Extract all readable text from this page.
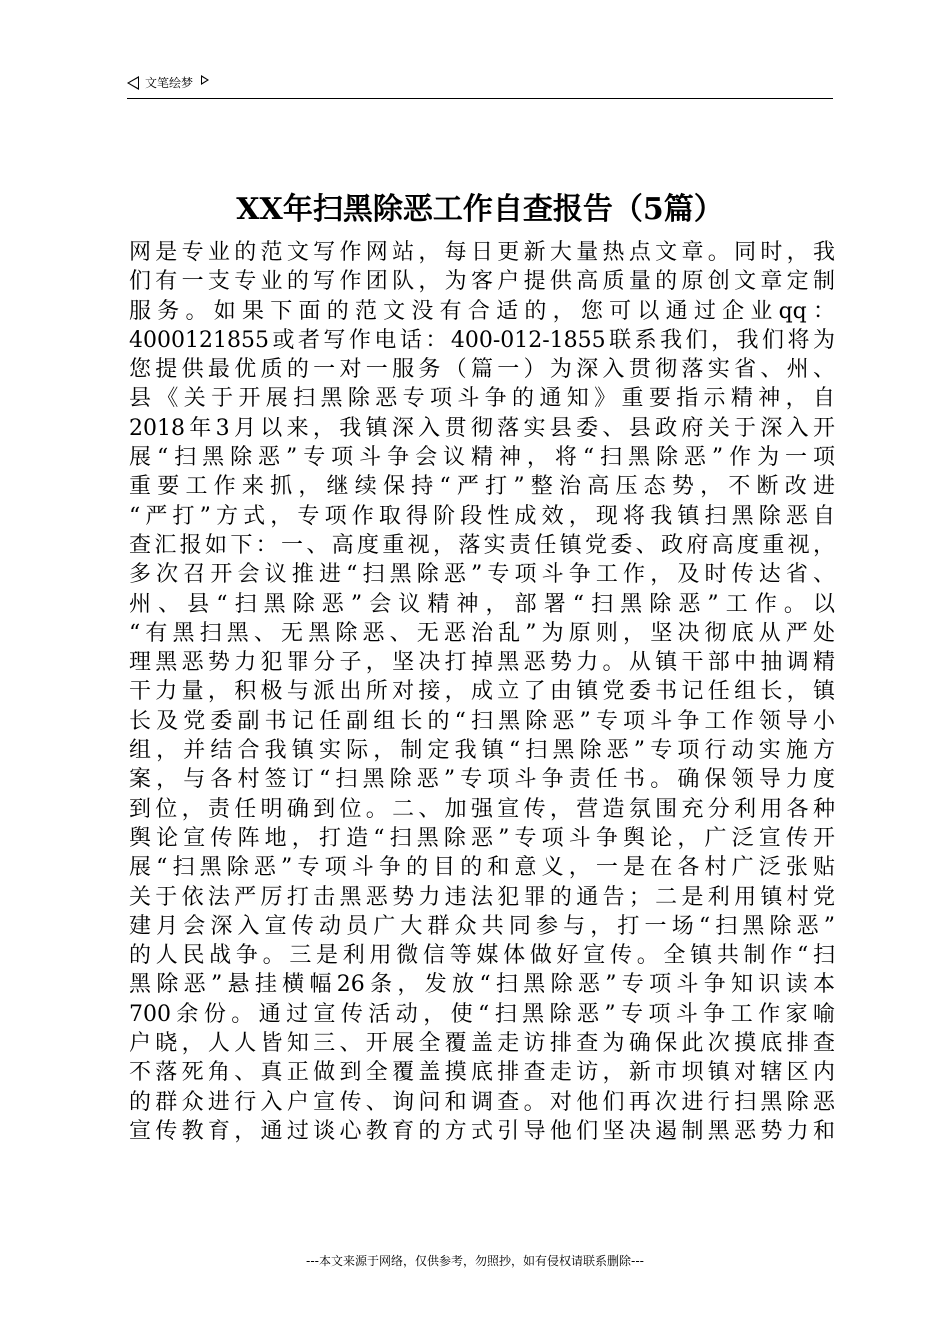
文笔绘梦
XX年扫黑除恶工作自查报告（5篇）
网是专业的范文写作网站，每日更新大量热点文章。同时，我
们有一支专业的写作团队，为客户提供高质量的原创文章定制
服务。如果下面的范文没有合适的，您可以通过企业qq：
4000121855或者写作电话：400-012-1855联系我们，我们将为
您提供最优质的一对一服务（篇一）为深入贯彻落实省、州、
县《关于开展扫黑除恶专项斗争的通知》重要指示精神，自
2018年3月以来，我镇深入贯彻落实县委、县政府关于深入开
展“扫黑除恶”专项斗争会议精神，将“扫黑除恶”作为一项
重要工作来抓，继续保持“严打”整治高压态势，不断改进
“严打”方式，专项作取得阶段性成效，现将我镇扫黑除恶自
查汇报如下：一、高度重视，落实责任镇党委、政府高度重视，
多次召开会议推进“扫黑除恶”专项斗争工作，及时传达省、
州、县“扫黑除恶”会议精神，部署“扫黑除恶”工作。以
“有黑扫黑、无黑除恶、无恶治乱”为原则，坚决彻底从严处
理黑恶势力犯罪分子，坚决打掉黑恶势力。从镇干部中抽调精
干力量，积极与派出所对接，成立了由镇党委书记任组长，镇
长及党委副书记任副组长的“扫黑除恶”专项斗争工作领导小
组，并结合我镇实际，制定我镇“扫黑除恶”专项行动实施方
案，与各村签订“扫黑除恶”专项斗争责任书。确保领导力度
到位，责任明确到位。二、加强宣传，营造氛围充分利用各种
舆论宣传阵地，打造“扫黑除恶”专项斗争舆论，广泛宣传开
展“扫黑除恶”专项斗争的目的和意义，一是在各村广泛张贴
关于依法严厉打击黑恶势力违法犯罪的通告；二是利用镇村党
建月会深入宣传动员广大群众共同参与，打一场“扫黑除恶”
的人民战争。三是利用微信等媒体做好宣传。全镇共制作“扫
黑除恶”悬挂横幅26条，发放“扫黑除恶”专项斗争知识读本
700余份。通过宣传活动，使“扫黑除恶”专项斗争工作家喻
户晓，人人皆知三、开展全覆盖走访排查为确保此次摸底排查
不落死角、真正做到全覆盖摸底排查走访，新市坝镇对辖区内
的群众进行入户宣传、询问和调查。对他们再次进行扫黑除恶
宣传教育，通过谈心教育的方式引导他们坚决遏制黑恶势力和
---本文来源于网络，仅供参考，勿照抄，如有侵权请联系删除---
